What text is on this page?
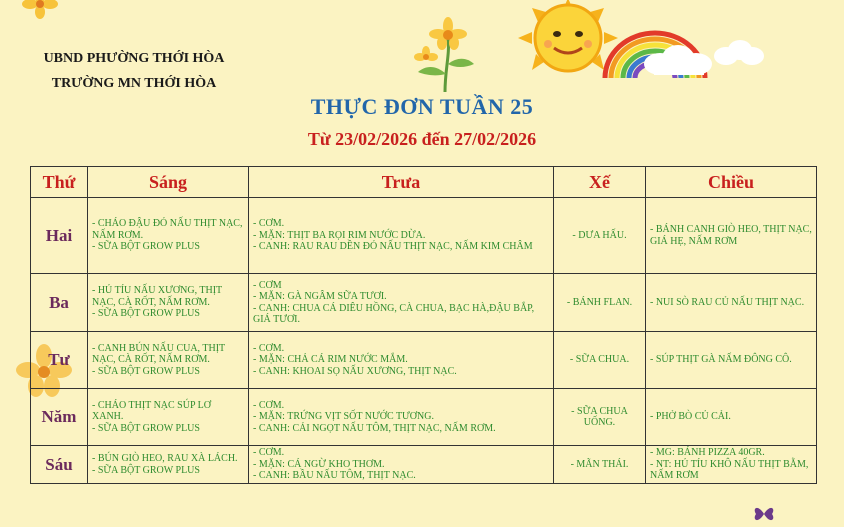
UBND PHƯỜNG THỚI HÒA
TRƯỜNG MN THỚI HÒA
THỰC ĐƠN TUẦN 25
Từ 23/02/2026 đến 27/02/2026
Thứ	Sáng	Trưa	Xế	Chiều
Hai	- CHÁO ĐẬU ĐỎ NẤU THỊT NẠC, NẤM RƠM.
- SỮA BỘT GROW PLUS	- CƠM.
- MẶN: THỊT BA RỌI RIM NƯỚC DỪA.
- CANH: RAU RAU DỀN ĐỎ NẤU THỊT NẠC, NẤM KIM CHÂM	- DƯA HẤU.	- BÁNH CANH GIÒ HEO, THỊT NẠC, GIÁ HẸ, NẤM RƠM

Ba	- HỦ TÍU NẤU XƯƠNG, THỊT NẠC, CÀ RỐT, NẤM RƠM.
- SỮA BỘT GROW PLUS	- CƠM
- MẶN: GÀ NGÂM SỮA TƯƠI.
- CANH: CHUA CÁ DIÊU HỒNG, CÀ CHUA, BẠC HÀ,ĐẬU BẮP, GIÁ TƯƠI.	- BÁNH FLAN.	- NUI SÒ RAU CỦ NẤU THỊT NẠC.

Tư	- CANH BÚN NẤU CUA, THỊT NẠC, CÀ RỐT, NẤM RƠM.
- SỮA BỘT GROW PLUS	- CƠM.
- MẶN: CHẢ CÁ RIM NƯỚC MẮM.
- CANH: KHOAI SỌ NẤU XƯƠNG, THỊT NẠC.	- SỮA CHUA.	- SÚP THỊT GÀ NẤM ĐÔNG CÔ.

Năm	- CHÁO THỊT NẠC SÚP LƠ XANH.
- SỮA BỘT GROW PLUS	- CƠM.
- MẶN: TRỨNG VỊT SỐT NƯỚC TƯƠNG.
- CANH: CẢI NGỌT NẤU TÔM, THỊT NẠC, NẤM RƠM.	- SỮA CHUA UỐNG.	- PHỞ BÒ CỦ CẢI.

Sáu	- BÚN GIÒ HEO, RAU XÀ LÁCH.
- SỮA BỘT GROW PLUS	- CƠM.
- MẶN: CÁ NGỪ KHO THƠM.
- CANH: BẦU NẤU TÔM, THỊT NẠC.	- MÃN THÁI.	- MG: BÁNH PIZZA 40GR.
- NT: HỦ TÍU KHÔ NẤU THỊT BẰM, NẤM RƠM
